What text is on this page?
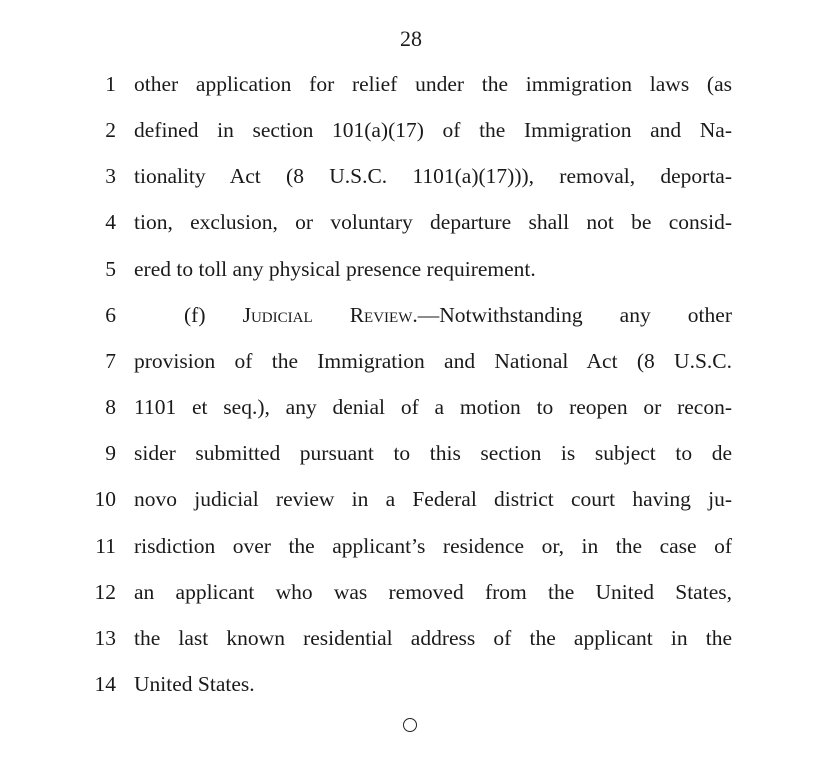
28
1 other application for relief under the immigration laws (as
2 defined in section 101(a)(17) of the Immigration and Na-
3 tionality Act (8 U.S.C. 1101(a)(17))), removal, deporta-
4 tion, exclusion, or voluntary departure shall not be consid-
5 ered to toll any physical presence requirement.
6	(f) Judicial Review.—Notwithstanding any other
7 provision of the Immigration and National Act (8 U.S.C.
8 1101 et seq.), any denial of a motion to reopen or recon-
9 sider submitted pursuant to this section is subject to de
10 novo judicial review in a Federal district court having ju-
11 risdiction over the applicant’s residence or, in the case of
12 an applicant who was removed from the United States,
13 the last known residential address of the applicant in the
14 United States.
